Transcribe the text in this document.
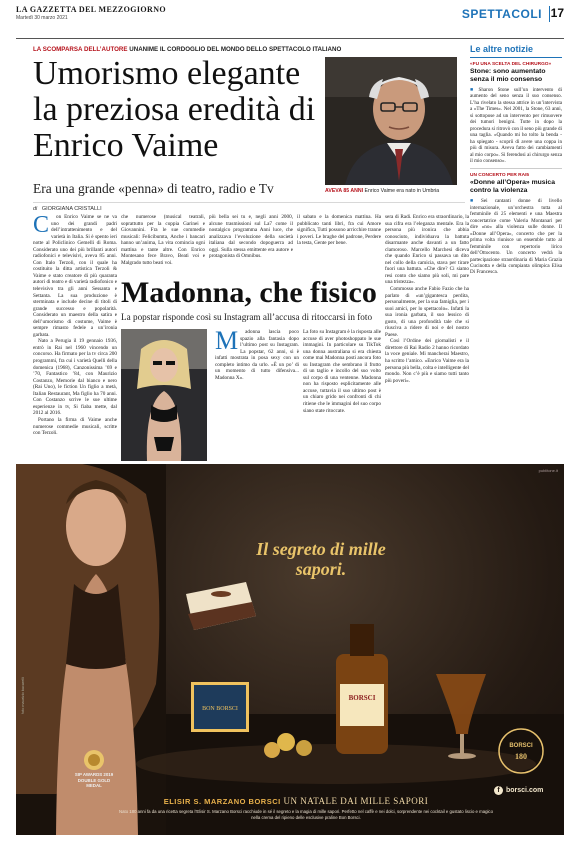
LA GAZZETTA DEL MEZZOGIORNO
Martedì 30 marzo 2021	SPETTACOLI 17
LA SCOMPARSA DELL’AUTORE UNANIME IL CORDOGLIO DEL MONDO DELLO SPETTACOLO ITALIANO
Umorismo elegante la preziosa eredità di Enrico Vaime
Era una grande «penna» di teatro, radio e Tv	AVEVA 85 ANNI Enrico Vaime era nato in Umbria
di GIORGIANA CRISTALLI
C	on Enrico Vaime se ne va uno dei grandi padri dell’intrattenimento e del varietà in Italia. Si è spento ieri notte al Policlinico Gemelli di Roma. Considerato uno dei più brillanti autori radiofonici e televisivi, aveva 85 anni. Con Italo Terzoli, con il quale ha costituito la ditta artistica Terzoli & Vaime e stato creatore di più quaranta autori di teatro e di varietà radiofonico e televisivo tra gli anni Sessanta e Settanta. La sua produzione è sterminata e include decine di titoli di grande successo e popolarità. Considerato un maestro della satira e dell’umorismo di costume, Vaime è sempre rimasto fedele a un’ironia garbata.

Nato a Perugia il 19 gennaio 1936, entrò in Rai nel 1960 vincendo un concorso. Ha firmato per la tv circa 200 programmi, fra cui i varietà Quelli della domenica (1968), Canzonissima ’69 e ’70, Fantastico ’84, con Maurizio Costanzo, Memorie dal bianco e nero (Rai Uno), le fiction Un figlio a metà, Italian Restaurant, Ma figlio ha 70 anni. Con Costanzo scrive le sue ultime esperienze in tv, Si fiaba mette, dal 2012 al 2016.

Portano la firma di Vaime anche numerose commedie musicali, scritte con Terzoli.

che numerose (musical teatrali, soprattutto per la coppia Garinei e Giovannini. Fra le sue commedie musicali: Felicibumta, Anche i bancari hanno un’anima, La vita comincia ogni mattina e tante altre. Con Enrico Montesano fece Bravo, Beati voi e Malgrado tutto beati voi.

più bella sei tu e, negli anni 2000, alcune trasmissioni sul La7 come il nostalgico programma Anni luce, che analizzava l’evoluzione della società italiana dal secondo dopoguerra ad oggi. Sulla stessa emittente era autore e protagonista di Omnibus.

il sabato e la domenica mattina. Ha pubblicato tanti libri, fra cui Amore significa, Tutti possono arricchire tranne i poveri. Le braghe del padrone, Perdere la testa, Gente per bene.

sera di Radi. Enrico era straordinario, la sua cifra era l’eleganza mentale. Era la persona più ironica che abbia conosciuto, individuava la battuta disarmante anche davanti a un fatto clamoroso. Marcello Marchesi diceva che quando Enrico si passava un dito nel collo della camicia, stava per tirare fuori una battuta. «Che dire? Ci siamo resi conto che siamo più soli, mi pare una tristezza».

Commosso anche Fabio Fazio che ha parlato di «un’gigantesca perdita, personalmente, per la sua famiglia, per i suoi amici, per lo spettacolo». Infatti la sua ironia garbata, il suo lessico di gusto, di una profondità tale che si riusciva a ridere di noi e del nostro Paese.

Così l’Ordine dei giornalisti e il direttore di Rai Radio 2 hanno ricordato la voce geniale. Mi mancherai Maestro, ha scritto l’amico. «Enrico Vaime era la persona più bella, colta e intelligente del mondo. Non c’è più e siamo tutti tanto più poveri».

Madonna, che fisico
La popstar risponde così su Instagram all’accusa di ritoccarsi in foto
M	adonna lascia poco spazio alla fantasia dopo l’ultimo post su Instagram. La popstar, 62 anni, si è infatti mostrata in posa sexy con un completo intimo da urlo. «È un po’ di un momento di tutto difensiva... Madonna X».

La foto su Instagram è la risposta alle accuse di aver photoshoppato le sue immagini. In particolare su TikTok una donna australiana si era chiesta come mai Madonna posti ancora foto su Instagram che sembrano il frutto di un taglio e incollo del suo volto sul corpo di una ventenne. Madonna non ha risposto esplicitamente alle accuse, tuttavia il suo ultimo post è un chiaro grido nei confronti di chi ritiene che le immagini del suo corpo siano state ritoccate.

Le altre notizie
«FU UNA SCELTA DEL CHIRURGO»
Stone: sono aumentato senza il mio consenso
■ Sharon Stone sull’un intervento di aumento del seno senza il suo consenso. L’ha rivelato la stessa attrice in un’intervista a «The Times». Nel 2001, la Stone, 63 anni, si sottopose ad un intervento per rimuovere dei tumori benigni. Tutte in dopo la procedura si ritrovò con il seno più grande di una taglia. «Quando mi ho tolto la benda - ha spiegato - scoprii di avere una coppa in più di misura. Aveva fatto dei cambiamenti al mio corpo». Si ferendosi ai chirurgo senza il mio consenso».
UN CONCERTO PER RAI5
«Donne all’Opera» musica contro la violenza
■ Sei cantanti donne di livello internazionale, un’orchestra tutta al femminile di 25 elementi e una Maestra concertatrice come Valeria Montanari per dire «no» alla violenza sulle donne. Il «Donne all’Opera», concerto che per la prima volta riunisce un ensemble tutto al femminile con repertorio lirico dell’Ottocento. Un concerto vedrà la partecipazione straordinaria di Maria Grazia Cucinotta e della compianta olimpica Elisa Di Francesca.
BON BORSCI
BORSCI
publitone.it
foto maurizio bucarelli
Il segreto di mille sapori.
SIP AWARDS 2019 DOUBLE GOLD MEDAL
BORSCI
180
ELISIR S. MARZANO BORSCI UN NATALE DAI MILLE SAPORI
Nato 180 anni fa da una ricetta segreta l’Elisir S. Marzano Borsci racchiude in sé il segreto e la magia di mille sapori. Perfetto nel caffè e nei dolci, sorprendente nei cocktail e gustato liscio e magico nella crema del ripieno delle esclusive praline Bon Borsci.
f borsci.com
